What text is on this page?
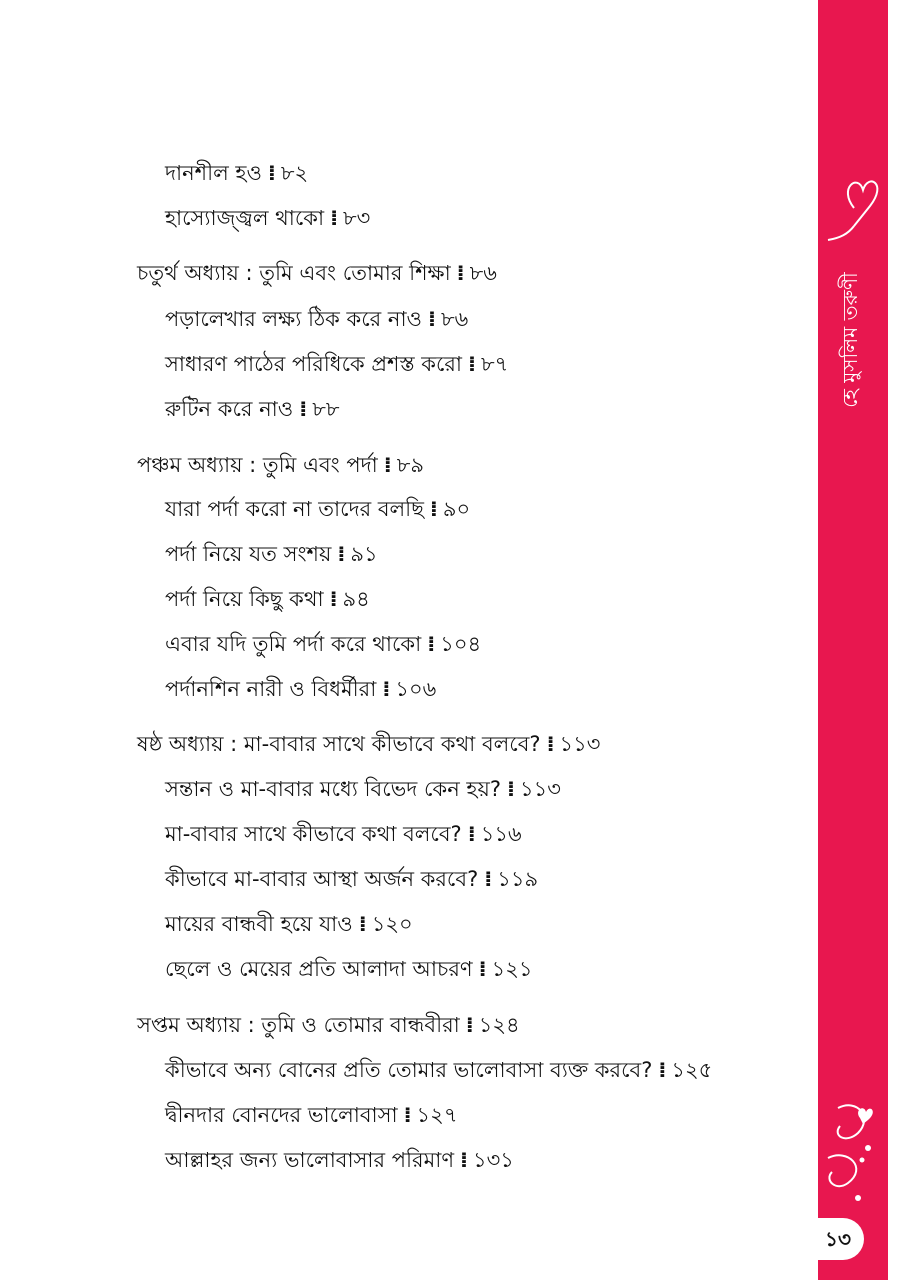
দানশীল হও ⁞ ৮২
হাস্যোজ্জ্বল থাকো ⁞ ৮৩
চতুর্থ অধ্যায় : তুমি এবং তোমার শিক্ষা ⁞ ৮৬
পড়ালেখার লক্ষ্য ঠিক করে নাও ⁞ ৮৬
সাধারণ পাঠের পরিধিকে প্রশস্ত করো ⁞ ৮৭
রুটিন করে নাও ⁞ ৮৮
পঞ্চম অধ্যায় : তুমি এবং পর্দা ⁞ ৮৯
যারা পর্দা করো না তাদের বলছি ⁞ ৯০
পর্দা নিয়ে যত সংশয় ⁞ ৯১
পর্দা নিয়ে কিছু কথা ⁞ ৯৪
এবার যদি তুমি পর্দা করে থাকো ⁞ ১০৪
পর্দানশিন নারী ও বিধর্মীরা ⁞ ১০৬
ষষ্ঠ অধ্যায় : মা-বাবার সাথে কীভাবে কথা বলবে? ⁞ ১১৩
সন্তান ও মা-বাবার মধ্যে বিভেদ কেন হয়? ⁞ ১১৩
মা-বাবার সাথে কীভাবে কথা বলবে? ⁞ ১১৬
কীভাবে মা-বাবার আস্থা অর্জন করবে? ⁞ ১১৯
মায়ের বান্ধবী হয়ে যাও ⁞ ১২০
ছেলে ও মেয়ের প্রতি আলাদা আচরণ ⁞ ১২১
সপ্তম অধ্যায় : তুমি ও তোমার বান্ধবীরা ⁞ ১২৪
কীভাবে অন্য বোনের প্রতি তোমার ভালোবাসা ব্যক্ত করবে? ⁞ ১২৫
দ্বীনদার বোনদের ভালোবাসা ⁞ ১২৭
আল্লাহর জন্য ভালোবাসার পরিমাণ ⁞ ১৩১
হে মুসলিম তরুণী
১৩
